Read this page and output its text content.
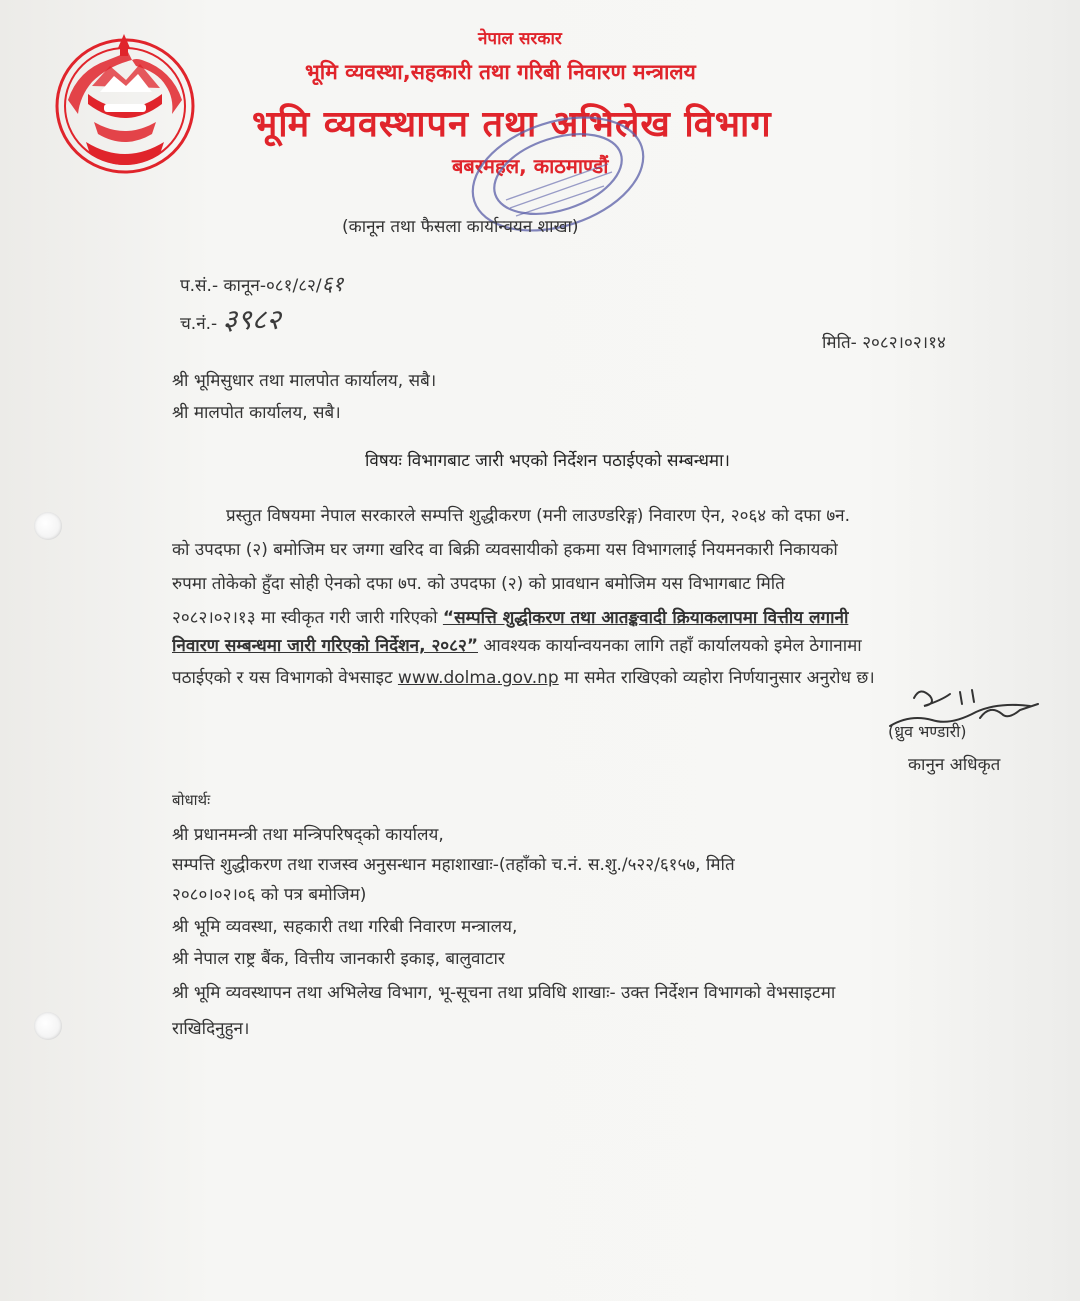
नेपाल सरकार
भूमि व्यवस्था,सहकारी तथा गरिबी निवारण मन्त्रालय
भूमि व्यवस्थापन तथा अभिलेख विभाग
बबरमहल, काठमाण्डौं
(कानून तथा फैसला कार्यान्वयन शाखा)
प.सं.- कानून-०८१/८२/६१
च.नं.- ३९८२
मिति- २०८२।०२।१४
श्री भूमिसुधार तथा मालपोत कार्यालय, सबै।
श्री मालपोत कार्यालय, सबै।
विषयः विभागबाट जारी भएको निर्देशन पठाईएको सम्बन्धमा।
प्रस्तुत विषयमा नेपाल सरकारले सम्पत्ति शुद्धीकरण (मनी लाउण्डरिङ्ग) निवारण ऐन, २०६४ को दफा ७न.
को उपदफा (२) बमोजिम घर जग्गा खरिद वा बिक्री व्यवसायीको हकमा यस विभागलाई नियमनकारी निकायको
रुपमा तोकेको हुँदा सोही ऐनको दफा ७प. को उपदफा (२) को प्रावधान बमोजिम यस विभागबाट मिति
२०८२।०२।१३ मा स्वीकृत गरी जारी गरिएको “सम्पत्ति शुद्धीकरण तथा आतङ्कवादी क्रियाकलापमा वित्तीय लगानी
निवारण सम्बन्धमा जारी गरिएको निर्देशन, २०८२” आवश्यक कार्यान्वयनका लागि तहाँ कार्यालयको इमेल ठेगानामा
पठाईएको र यस विभागको वेभसाइट www.dolma.gov.np मा समेत राखिएको व्यहोरा निर्णयानुसार अनुरोध छ।
(ध्रुव भण्डारी)
कानुन अधिकृत
बोधार्थः
श्री प्रधानमन्त्री तथा मन्त्रिपरिषद्को कार्यालय,
सम्पत्ति शुद्धीकरण तथा राजस्व अनुसन्धान महाशाखाः-(तहाँको च.नं. स.शु./५२२/६१५७, मिति
२०८०।०२।०६ को पत्र बमोजिम)
श्री भूमि व्यवस्था, सहकारी तथा गरिबी निवारण मन्त्रालय,
श्री नेपाल राष्ट्र बैंक, वित्तीय जानकारी इकाइ, बालुवाटार
श्री भूमि व्यवस्थापन तथा अभिलेख विभाग, भू-सूचना तथा प्रविधि शाखाः- उक्त निर्देशन विभागको वेभसाइटमा
राखिदिनुहुन।
